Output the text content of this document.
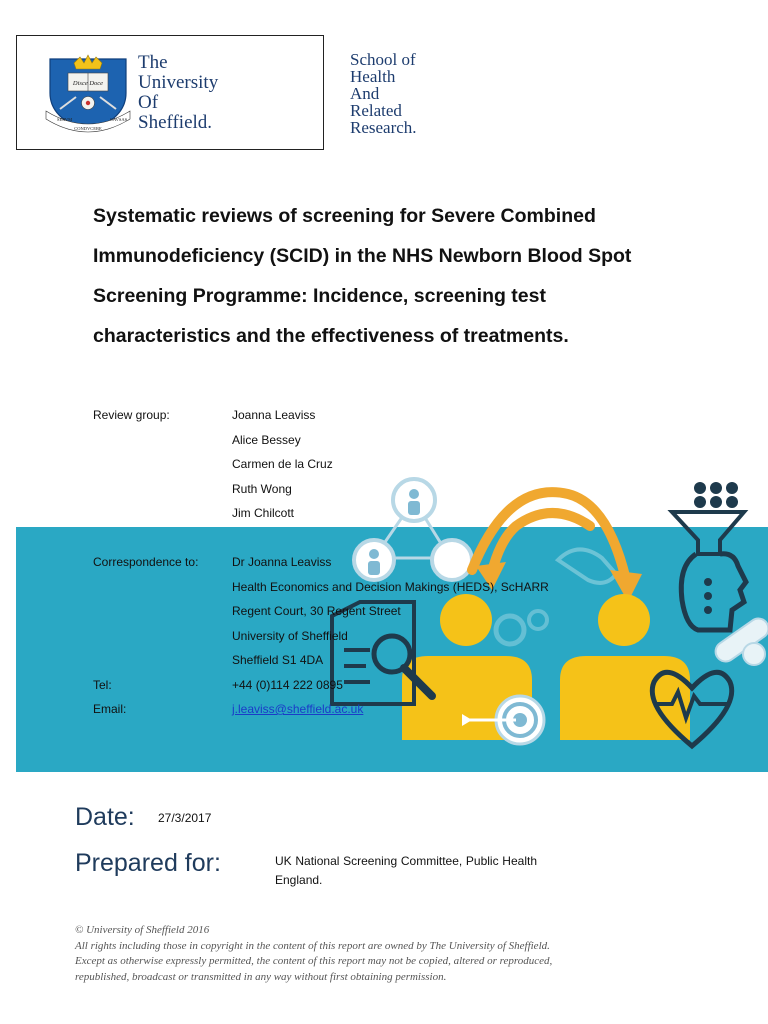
Disce Doce
SERVM
CONDVCERE
CAVSAS
The
University
Of
Sheffield.
School of
Health
And
Related
Research.
Systematic reviews of screening for Severe Combined
Immunodeficiency (SCID) in the NHS Newborn Blood Spot
Screening Programme: Incidence, screening test
characteristics and the effectiveness of treatments.
Review group:	Joanna Leaviss
Alice Bessey
Carmen de la Cruz
Ruth Wong
Jim Chilcott
Correspondence to:	Dr Joanna Leaviss
Health Economics and Decision Makings (HEDS), ScHARR
Regent Court, 30 Regent Street
University of Sheffield
Sheffield S1 4DA
Tel:	+44 (0)114 222 0895
Email:	j.leaviss@sheffield.ac.uk
Date: 27/3/2017
Prepared for:	UK National Screening Committee, Public Health England.
© University of Sheffield 2016
All rights including those in copyright in the content of this report are owned by The University of Sheffield.
Except as otherwise expressly permitted, the content of this report may not be copied, altered or reproduced,
republished, broadcast or transmitted in any way without first obtaining permission.
